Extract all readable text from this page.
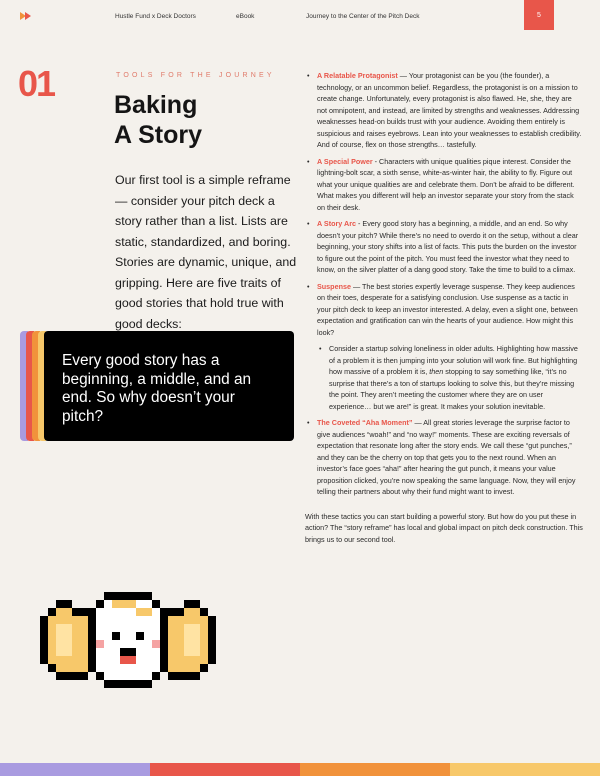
Hustle Fund x Deck Doctors	eBook	Journey to the Center of the Pitch Deck	5
01	TOOLS FOR THE JOURNEY
Baking
A Story

Our first tool is a simple reframe — consider your pitch deck a story rather than a list. Lists are static, standardized, and boring. Stories are dynamic, unique, and gripping. Here are five traits of good stories that hold true with good decks:

Every good story has a beginning, a middle, and an end. So why doesn’t your pitch?

• A Relatable Protagonist — Your protagonist can be you (the founder), a technology, or an uncommon belief. Regardless, the protagonist is on a mission to create change. Unfortunately, every protagonist is also flawed. He, she, they are not omnipotent, and instead, are limited by strengths and weaknesses. Addressing weaknesses head-on builds trust with your audience. Avoiding them entirely is suspicious and raises eyebrows. Lean into your weaknesses to establish credibility. And of course, flex on those strengths… tastefully.

• A Special Power - Characters with unique qualities pique interest. Consider the lightning-bolt scar, a sixth sense, white-as-winter hair, the ability to fly. Figure out what your unique qualities are and celebrate them. Don’t be afraid to be different. What makes you different will help an investor separate your story from the stack on their desk.

• A Story Arc - Every good story has a beginning, a middle, and an end. So why doesn’t your pitch? While there’s no need to overdo it on the setup, without a clear beginning, your story shifts into a list of facts. This puts the burden on the investor to figure out the point of the pitch. You must feed the investor what they need to know, on the silver platter of a dang good story. Take the time to build to a climax.

• Suspense — The best stories expertly leverage suspense. They keep audiences on their toes, desperate for a satisfying conclusion. Use suspense as a tactic in your pitch deck to keep an investor interested. A delay, even a slight one, between expectation and gratification can win the hearts of your audience. How might this look?

• Consider a startup solving loneliness in older adults. Highlighting how massive of a problem it is then jumping into your solution will work fine. But highlighting how massive of a problem it is, then stopping to say something like, “it’s no surprise that there’s a ton of startups looking to solve this, but they’re missing the point. They aren’t meeting the customer where they are on user experience… but we are!” is great. It makes your solution inevitable.

• The Coveted “Aha Moment” — All great stories leverage the surprise factor to give audiences “woah!” and “no way!” moments. These are exciting reversals of expectation that resonate long after the story ends. We call these “gut punches,” and they can be the cherry on top that gets you to the next round. When an investor’s face goes “aha!” after hearing the gut punch, it means your value proposition clicked, you’re now speaking the same language. Now, they will enjoy telling their partners about why their fund might want to invest.

With these tactics you can start building a powerful story. But how do you put these in action? The “story reframe” has local and global impact on pitch deck construction. This brings us to our second tool.
